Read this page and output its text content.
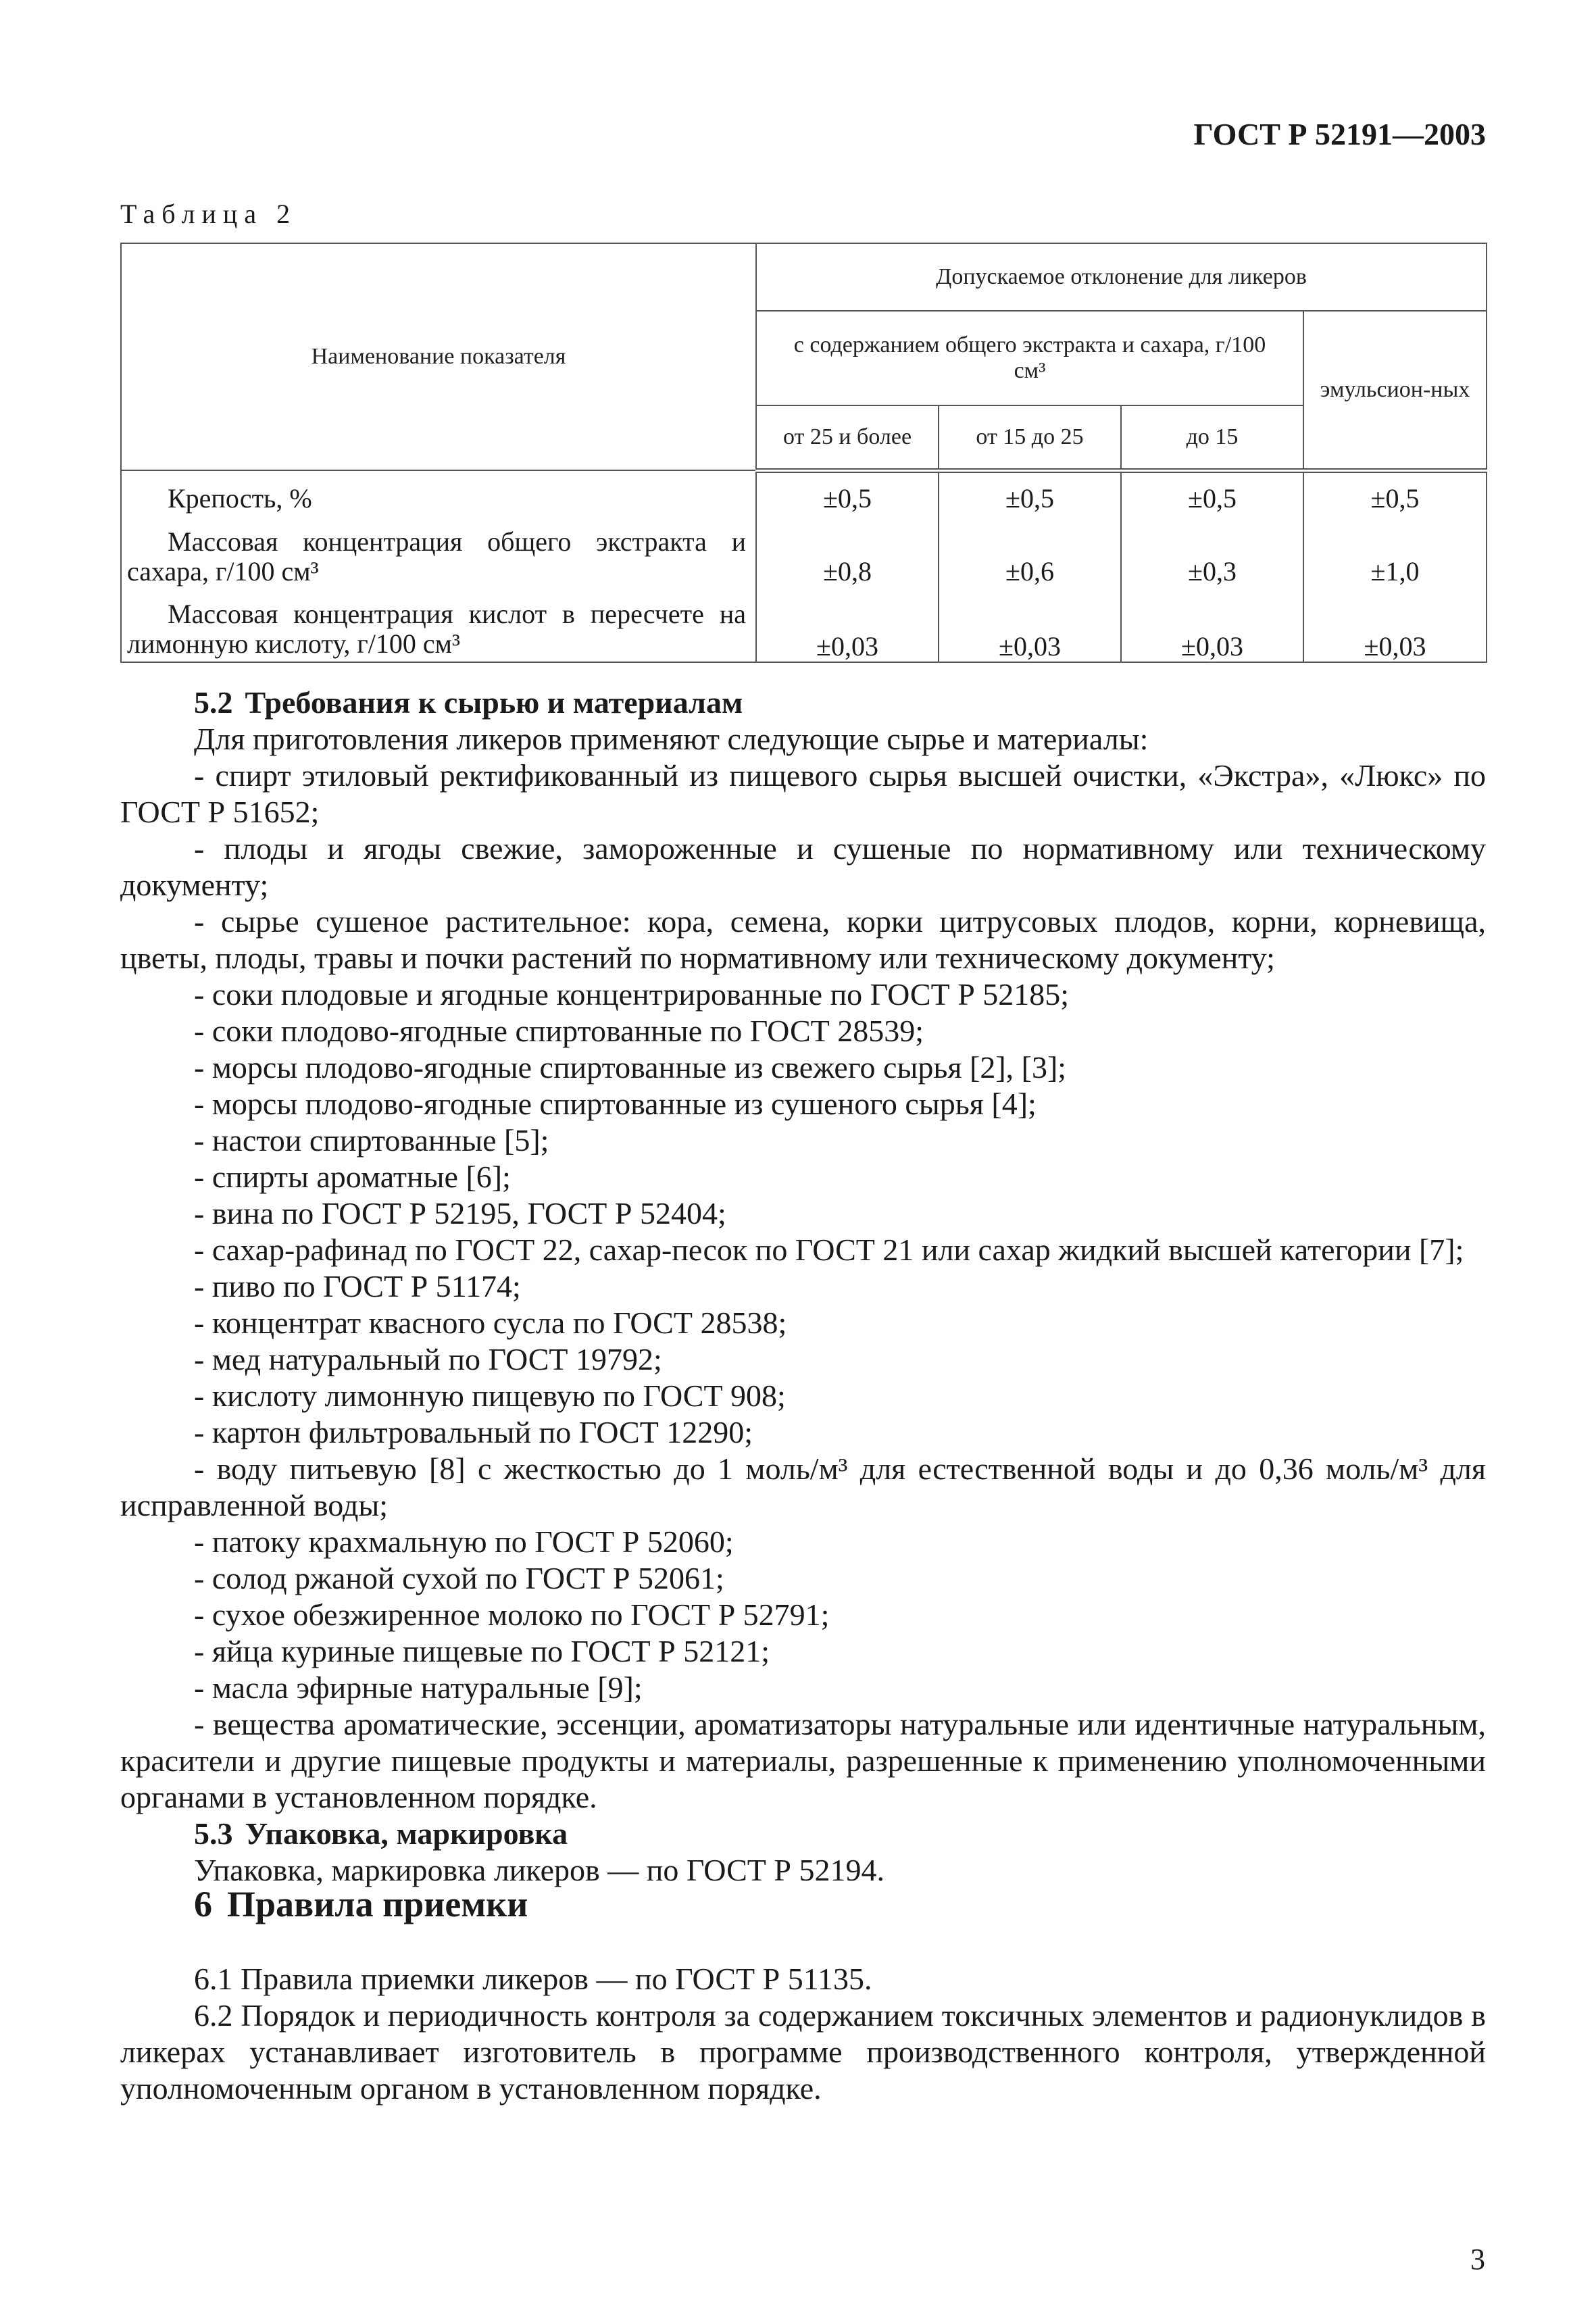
ГОСТ Р 52191—2003
Таблица 2
Наименование показателя	Допускаемое отклонение для ликеров			
	с содержанием общего экстракта и сахара, г/100 см³			эмульсион-ных
	от 25 и более	от 15 до 25	до 15	

Крепость, %	±0,5	±0,5	±0,5	±0,5

Массовая концентрация общего экстракта и сахара, г/100 см³	±0,8	±0,6	±0,3	±1,0

Массовая концентрация кислот в пересчете на лимонную кислоту, г/100 см³	±0,03	±0,03	±0,03	±0,03

5.2 Требования к сырью и материалам

Для приготовления ликеров применяют следующие сырье и материалы:

- спирт этиловый ректификованный из пищевого сырья высшей очистки, «Экстра», «Люкс» по ГОСТ Р 51652;

- плоды и ягоды свежие, замороженные и сушеные по нормативному или техническому документу;

- сырье сушеное растительное: кора, семена, корки цитрусовых плодов, корни, корневища, цветы, плоды, травы и почки растений по нормативному или техническому документу;

- соки плодовые и ягодные концентрированные по ГОСТ Р 52185;

- соки плодово-ягодные спиртованные по ГОСТ 28539;

- морсы плодово-ягодные спиртованные из свежего сырья [2], [3];

- морсы плодово-ягодные спиртованные из сушеного сырья [4];

- настои спиртованные [5];

- спирты ароматные [6];

- вина по ГОСТ Р 52195, ГОСТ Р 52404;

- сахар-рафинад по ГОСТ 22, сахар-песок по ГОСТ 21 или сахар жидкий высшей категории [7];

- пиво по ГОСТ Р 51174;

- концентрат квасного сусла по ГОСТ 28538;

- мед натуральный по ГОСТ 19792;

- кислоту лимонную пищевую по ГОСТ 908;

- картон фильтровальный по ГОСТ 12290;

- воду питьевую [8] с жесткостью до 1 моль/м³ для естественной воды и до 0,36 моль/м³ для исправленной воды;

- патоку крахмальную по ГОСТ Р 52060;

- солод ржаной сухой по ГОСТ Р 52061;

- сухое обезжиренное молоко по ГОСТ Р 52791;

- яйца куриные пищевые по ГОСТ Р 52121;

- масла эфирные натуральные [9];

- вещества ароматические, эссенции, ароматизаторы натуральные или идентичные натуральным, красители и другие пищевые продукты и материалы, разрешенные к применению уполномоченными органами в установленном порядке.

5.3 Упаковка, маркировка

Упаковка, маркировка ликеров — по ГОСТ Р 52194.

6 Правила приемки

6.1 Правила приемки ликеров — по ГОСТ Р 51135.

6.2 Порядок и периодичность контроля за содержанием токсичных элементов и радионуклидов в ликерах устанавливает изготовитель в программе производственного контроля, утвержденной уполномоченным органом в установленном порядке.

3
